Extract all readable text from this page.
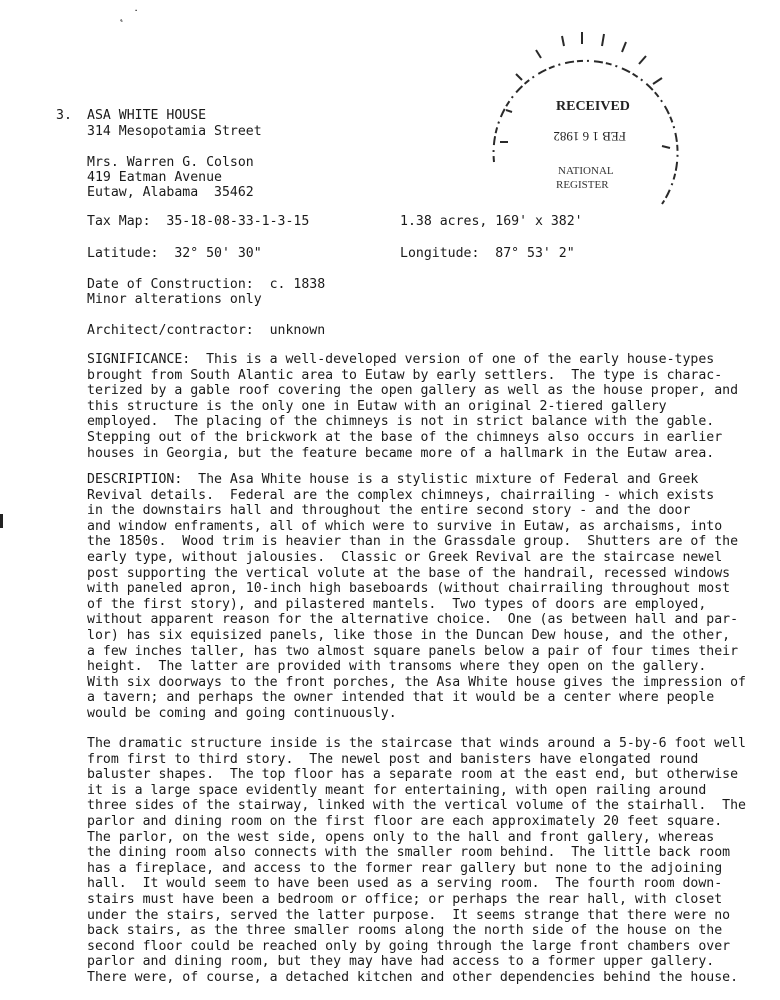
˛ ˙
RECEIVED
FEB 1 6 1982
NATIONAL
REGISTER
3. ASA WHITE HOUSE
314 Mesopotamia Street
Mrs. Warren G. Colson
419 Eatman Avenue
Eutaw, Alabama  35462
Tax Map:  35-18-08-33-1-3-15	1.38 acres, 169' x 382'
Latitude:  32° 50' 30"	Longitude:  87° 53' 2"
Date of Construction:  c. 1838
Minor alterations only
Architect/contractor:  unknown
SIGNIFICANCE:  This is a well-developed version of one of the early house-types
brought from South Alantic area to Eutaw by early settlers.  The type is charac-
terized by a gable roof covering the open gallery as well as the house proper, and
this structure is the only one in Eutaw with an original 2-tiered gallery
employed.  The placing of the chimneys is not in strict balance with the gable.
Stepping out of the brickwork at the base of the chimneys also occurs in earlier
houses in Georgia, but the feature became more of a hallmark in the Eutaw area.
DESCRIPTION:  The Asa White house is a stylistic mixture of Federal and Greek
Revival details.  Federal are the complex chimneys, chairrailing - which exists
in the downstairs hall and throughout the entire second story - and the door
and window enframents, all of which were to survive in Eutaw, as archaisms, into
the 1850s.  Wood trim is heavier than in the Grassdale group.  Shutters are of the
early type, without jalousies.  Classic or Greek Revival are the staircase newel
post supporting the vertical volute at the base of the handrail, recessed windows
with paneled apron, 10-inch high baseboards (without chairrailing throughout most
of the first story), and pilastered mantels.  Two types of doors are employed,
without apparent reason for the alternative choice.  One (as between hall and par-
lor) has six equisized panels, like those in the Duncan Dew house, and the other,
a few inches taller, has two almost square panels below a pair of four times their
height.  The latter are provided with transoms where they open on the gallery.
With six doorways to the front porches, the Asa White house gives the impression of
a tavern; and perhaps the owner intended that it would be a center where people
would be coming and going continuously.
The dramatic structure inside is the staircase that winds around a 5-by-6 foot well
from first to third story.  The newel post and banisters have elongated round
baluster shapes.  The top floor has a separate room at the east end, but otherwise
it is a large space evidently meant for entertaining, with open railing around
three sides of the stairway, linked with the vertical volume of the stairhall.  The
parlor and dining room on the first floor are each approximately 20 feet square.
The parlor, on the west side, opens only to the hall and front gallery, whereas
the dining room also connects with the smaller room behind.  The little back room
has a fireplace, and access to the former rear gallery but none to the adjoining
hall.  It would seem to have been used as a serving room.  The fourth room down-
stairs must have been a bedroom or office; or perhaps the rear hall, with closet
under the stairs, served the latter purpose.  It seems strange that there were no
back stairs, as the three smaller rooms along the north side of the house on the
second floor could be reached only by going through the large front chambers over
parlor and dining room, but they may have had access to a former upper gallery.
There were, of course, a detached kitchen and other dependencies behind the house.
